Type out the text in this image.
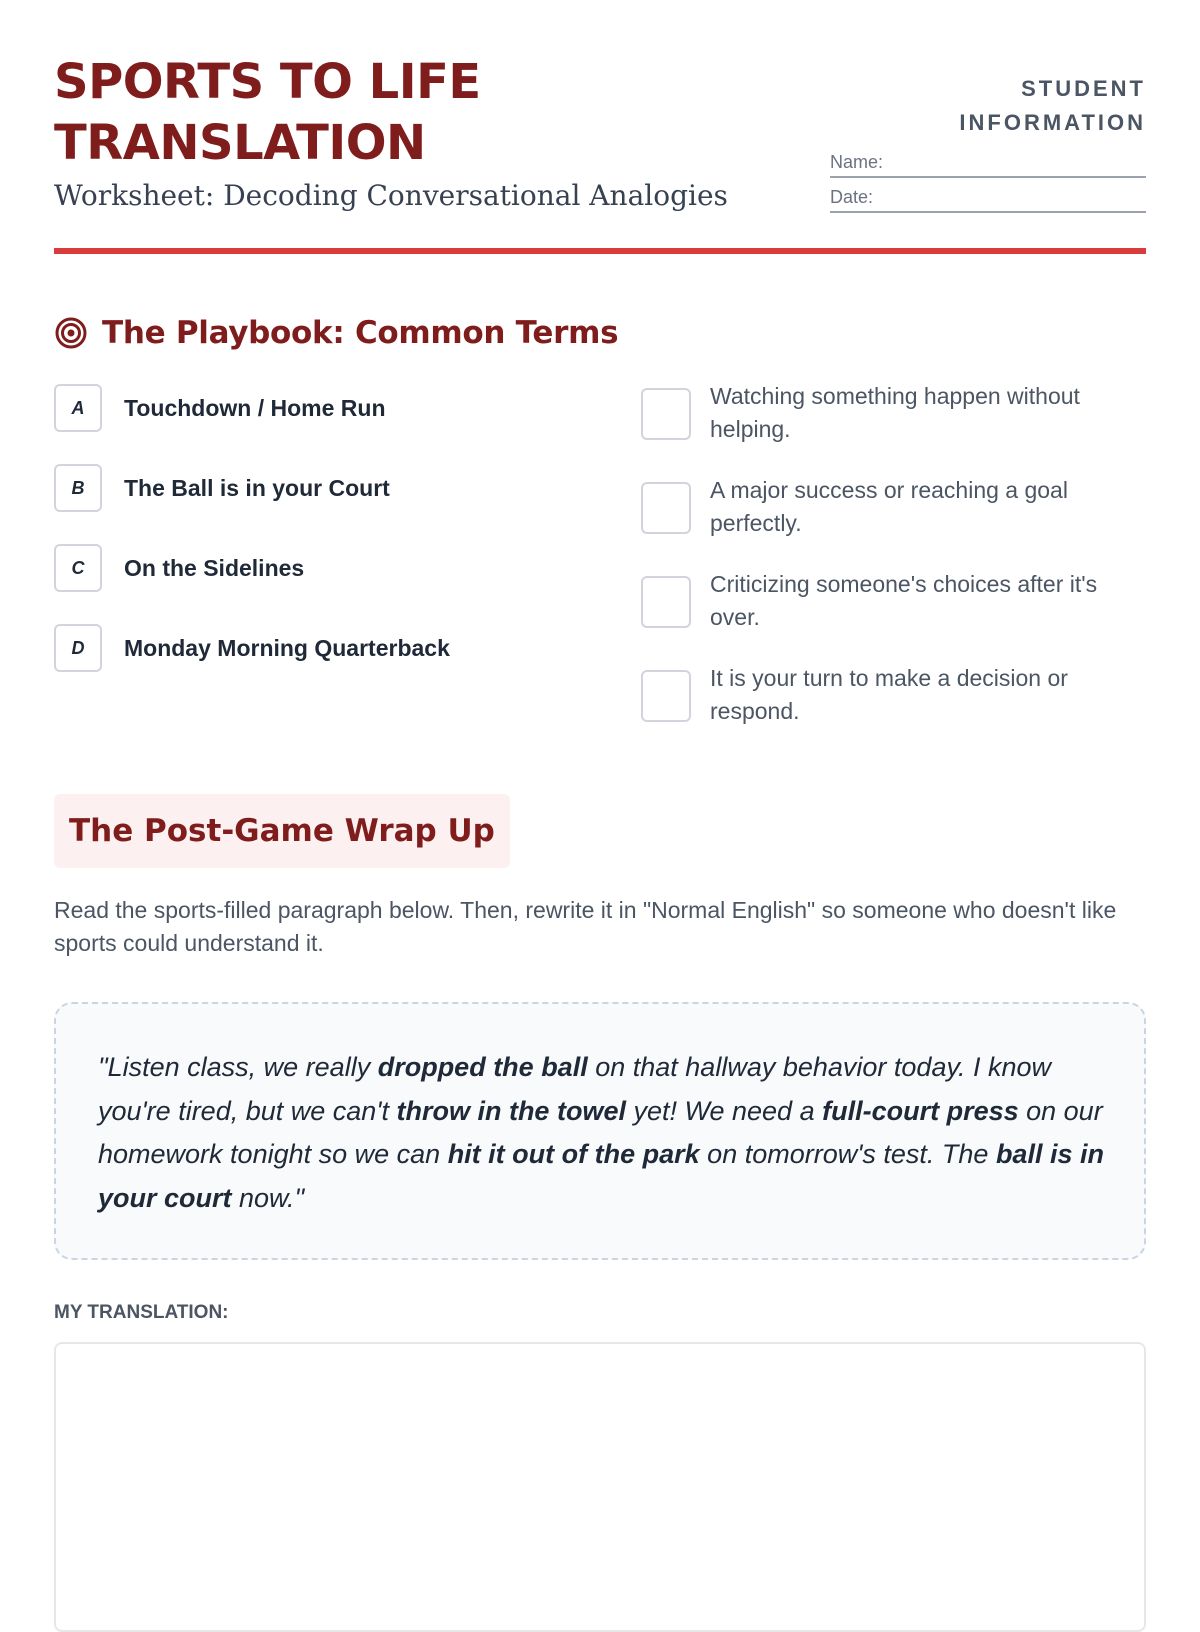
SPORTS TO LIFE
TRANSLATION
Worksheet: Decoding Conversational Analogies
STUDENT
INFORMATION
Name:
Date:
The Playbook: Common Terms
A	Touchdown / Home Run
B	The Ball is in your Court
C	On the Sidelines
D	Monday Morning Quarterback
Watching something happen without helping.
A major success or reaching a goal perfectly.
Criticizing someone's choices after it's over.
It is your turn to make a decision or respond.
The Post-Game Wrap Up
Read the sports-filled paragraph below. Then, rewrite it in "Normal English" so someone who doesn't like sports could understand it.
"Listen class, we really dropped the ball on that hallway behavior today. I know you're tired, but we can't throw in the towel yet! We need a full-court press on our homework tonight so we can hit it out of the park on tomorrow's test. The ball is in your court now."
MY TRANSLATION:
